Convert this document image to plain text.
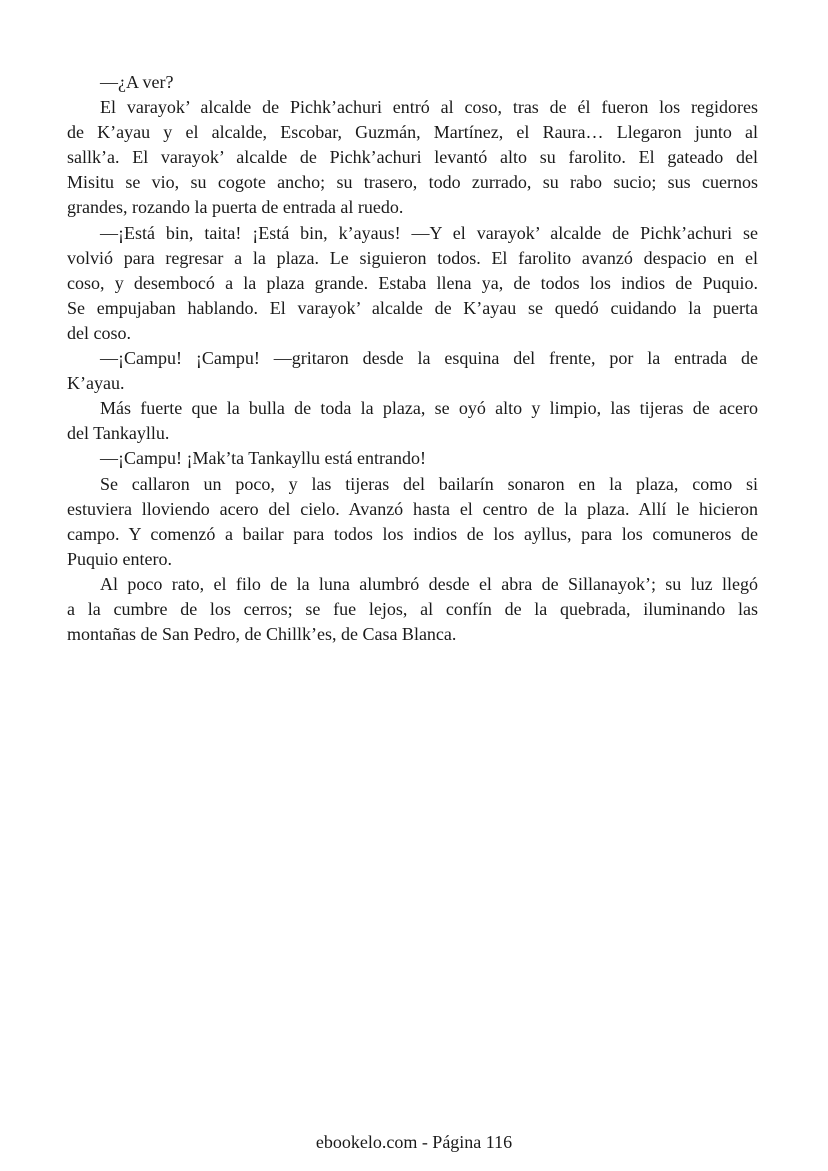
—¿A ver?
El varayok’ alcalde de Pichk’achuri entró al coso, tras de él fueron los regidores
de K’ayau y el alcalde, Escobar, Guzmán, Martínez, el Raura… Llegaron junto al
sallk’a. El varayok’ alcalde de Pichk’achuri levantó alto su farolito. El gateado del
Misitu se vio, su cogote ancho; su trasero, todo zurrado, su rabo sucio; sus cuernos
grandes, rozando la puerta de entrada al ruedo.
—¡Está bin, taita! ¡Está bin, k’ayaus! —Y el varayok’ alcalde de Pichk’achuri se
volvió para regresar a la plaza. Le siguieron todos. El farolito avanzó despacio en el
coso, y desembocó a la plaza grande. Estaba llena ya, de todos los indios de Puquio.
Se empujaban hablando. El varayok’ alcalde de K’ayau se quedó cuidando la puerta
del coso.
—¡Campu! ¡Campu! —gritaron desde la esquina del frente, por la entrada de
K’ayau.
Más fuerte que la bulla de toda la plaza, se oyó alto y limpio, las tijeras de acero
del Tankayllu.
—¡Campu! ¡Mak’ta Tankayllu está entrando!
Se callaron un poco, y las tijeras del bailarín sonaron en la plaza, como si
estuviera lloviendo acero del cielo. Avanzó hasta el centro de la plaza. Allí le hicieron
campo. Y comenzó a bailar para todos los indios de los ayllus, para los comuneros de
Puquio entero.
Al poco rato, el filo de la luna alumbró desde el abra de Sillanayok’; su luz llegó
a la cumbre de los cerros; se fue lejos, al confín de la quebrada, iluminando las
montañas de San Pedro, de Chillk’es, de Casa Blanca.
ebookelo.com - Página 116
